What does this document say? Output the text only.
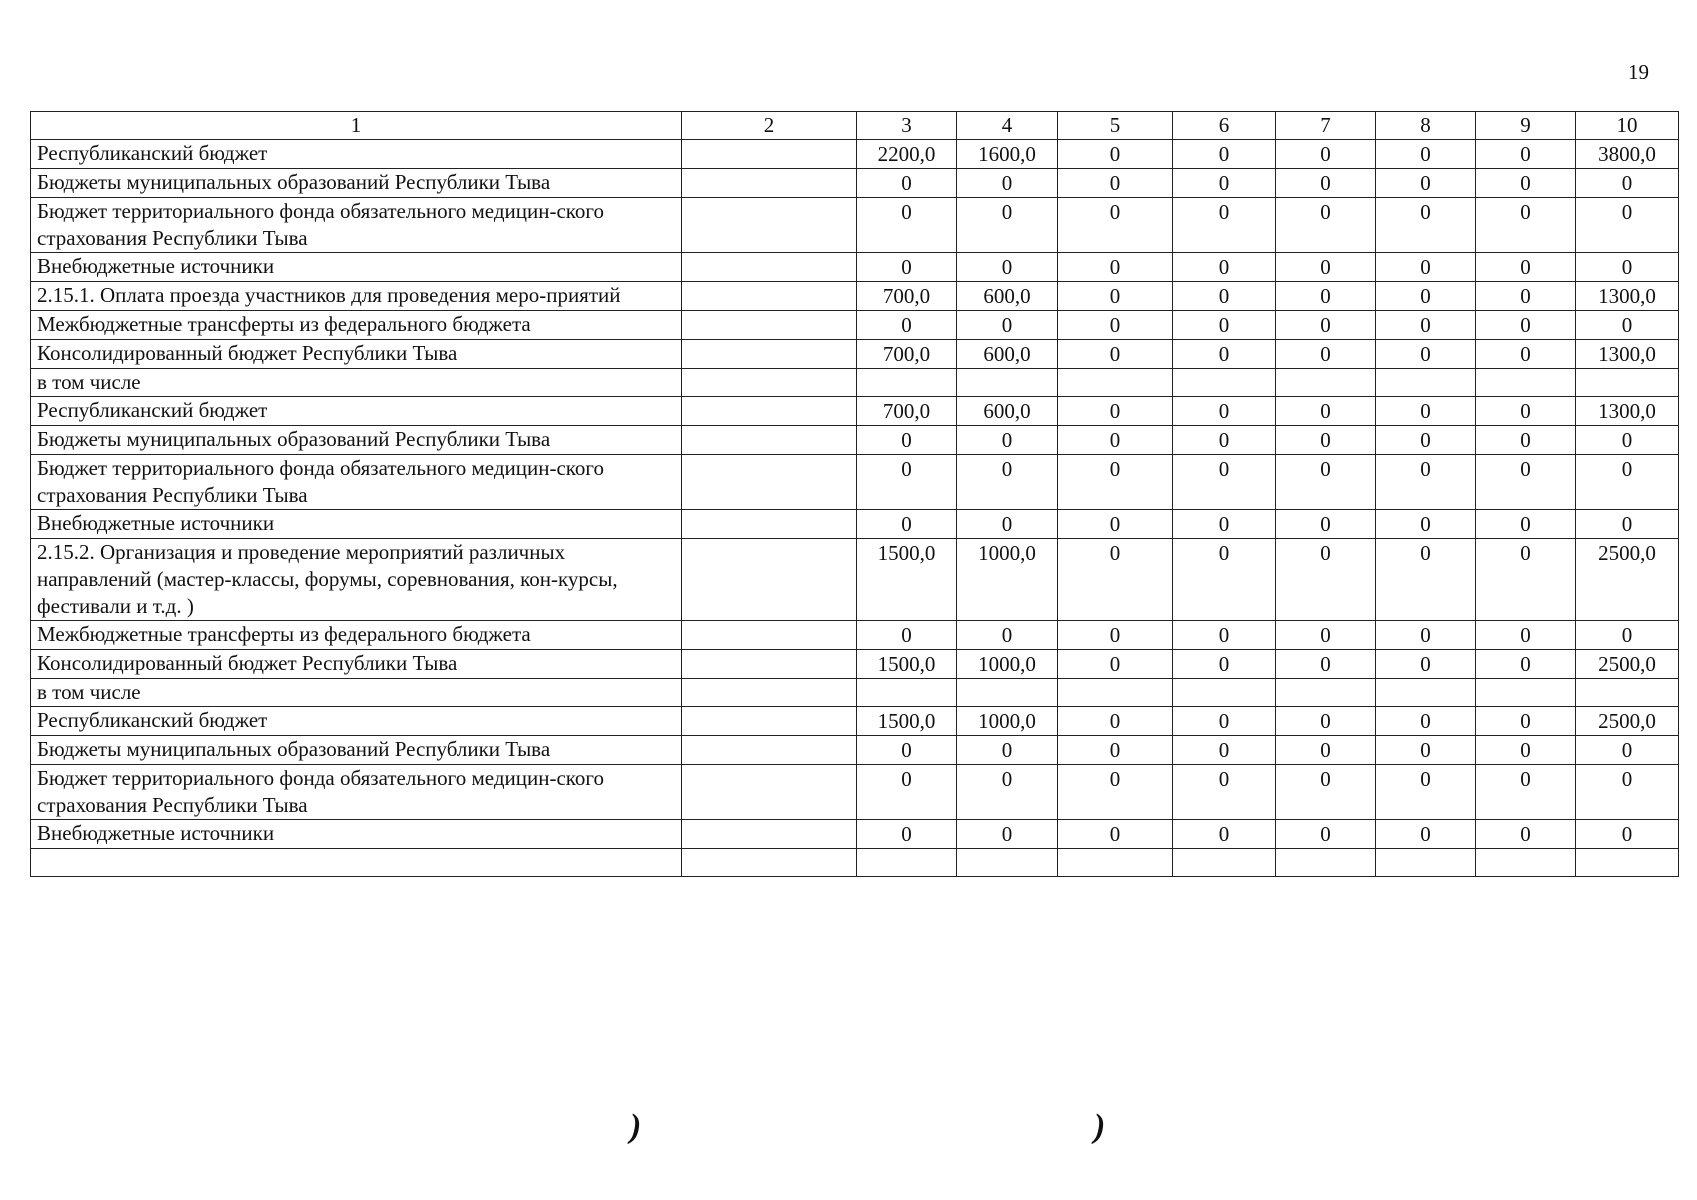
19
1	2	3	4	5	6	7	8	9	10
Республиканский бюджет		2200,0	1600,0	0	0	0	0	0	3800,0
Бюджеты муниципальных образований Республики Тыва		0	0	0	0	0	0	0	0
Бюджет территориального фонда обязательного медицин-ского страхования Республики Тыва		0	0	0	0	0	0	0	0
Внебюджетные источники		0	0	0	0	0	0	0	0
2.15.1. Оплата проезда участников для проведения меро-приятий		700,0	600,0	0	0	0	0	0	1300,0
Межбюджетные трансферты из федерального бюджета		0	0	0	0	0	0	0	0
Консолидированный бюджет Республики Тыва		700,0	600,0	0	0	0	0	0	1300,0
в том числе									
Республиканский бюджет		700,0	600,0	0	0	0	0	0	1300,0
Бюджеты муниципальных образований Республики Тыва		0	0	0	0	0	0	0	0
Бюджет территориального фонда обязательного медицин-ского страхования Республики Тыва		0	0	0	0	0	0	0	0
Внебюджетные источники		0	0	0	0	0	0	0	0
2.15.2. Организация и проведение мероприятий различных направлений (мастер-классы, форумы, соревнования, кон-курсы, фестивали и т.д. )		1500,0	1000,0	0	0	0	0	0	2500,0
Межбюджетные трансферты из федерального бюджета		0	0	0	0	0	0	0	0
Консолидированный бюджет Республики Тыва		1500,0	1000,0	0	0	0	0	0	2500,0
в том числе									
Республиканский бюджет		1500,0	1000,0	0	0	0	0	0	2500,0
Бюджеты муниципальных образований Республики Тыва		0	0	0	0	0	0	0	0
Бюджет территориального фонда обязательного медицин-ского страхования Республики Тыва		0	0	0	0	0	0	0	0
Внебюджетные источники		0	0	0	0	0	0	0	0

)	)
